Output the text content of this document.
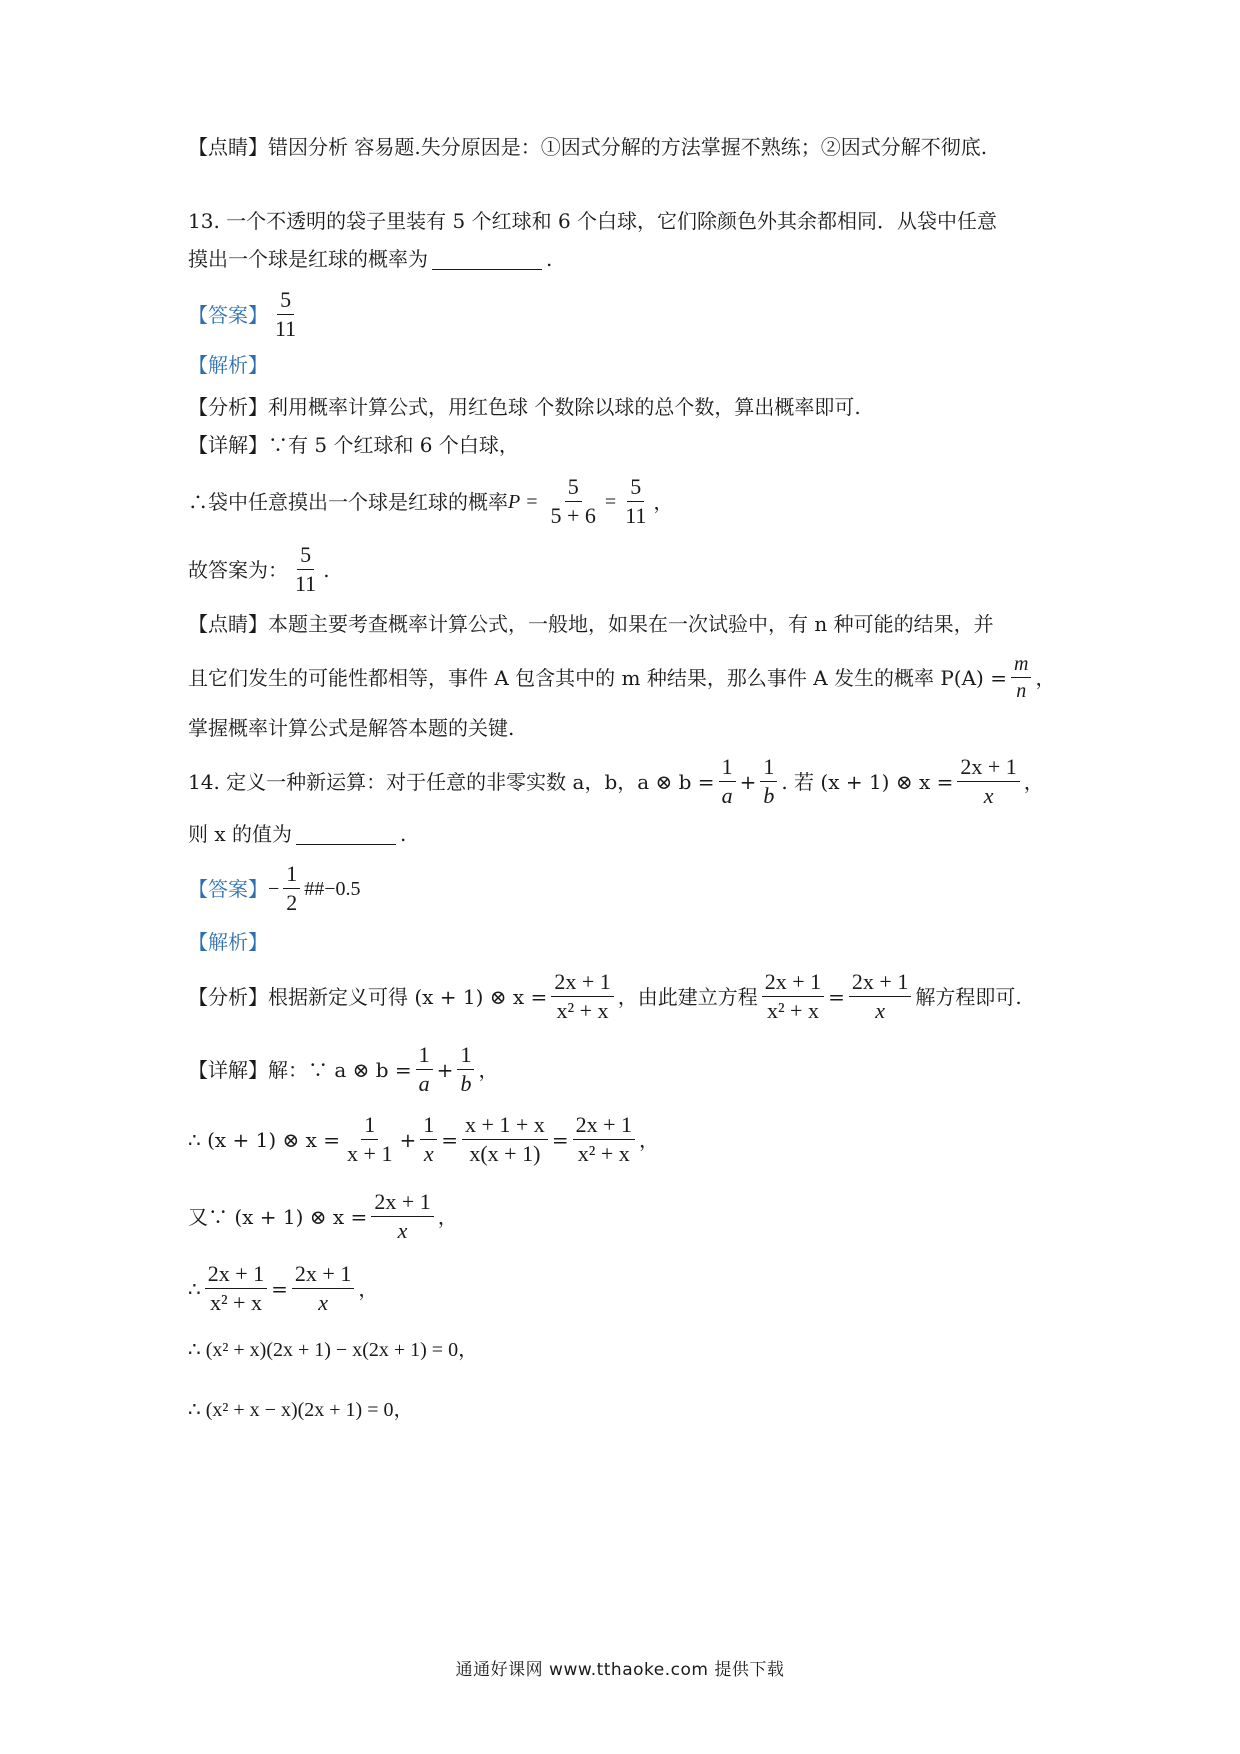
【点睛】 错因分析 容易题.失分原因是：①因式分解的方法掌握不熟练；②因式分解不彻底.
13. 一个不透明的袋子里装有 5 个红球和 6 个白球，它们除颜色外其余都相同．从袋中任意
摸出一个球是红球的概率为	.
【答案】 $\frac{5}{11}$
【解析】
【分析】 利用概率计算公式，用红色球 个数除以球的总个数，算出概率即可.
【详解】 ∵有 5 个红球和 6 个白球，
∴袋中任意摸出一个球是红球的概率 $P = \frac{5}{5 + 6} = \frac{5}{11}$ ，
故答案为： $\frac{5}{11}$ .
【点睛】 本题主要考查概率计算公式，一般地，如果在一次试验中，有 n 种可能的结果，并
且它们发生的可能性都相等，事件 A 包含其中的 m 种结果，那么事件 A 发生的概率 $P(A) = \frac{m}{n}$ ，
掌握概率计算公式是解答本题的关键.
14. 定义一种新运算：对于任意的非零实数 a，b，a ⊗ $b = \frac{1}{a} + \frac{1}{b}$ . 若 (x + 1) ⊗ $x = \frac{2x + 1}{x}$ ，
则 x 的值为	.
【答案】 − $\frac{1}{2}$ ##−0.5
【解析】
【分析】 根据新定义可得 (x + 1) ⊗ $x = \frac{2x + 1}{\text{x² + x}}$ ，由此建立方程 $\frac{2x + 1}{\text{x² + x}} = \frac{2x + 1}{x}$ 解方程即可.
【详解】 解：∵ a ⊗ $b = \frac{1}{a} + \frac{1}{b}$ ，
∴ (x + 1) ⊗ $x = \frac{1}{x + 1} + \frac{1}{x} = \frac{x + 1 + x}{x(x + 1)} = \frac{2x + 1}{\text{x² + x}}$ ，
又∵ (x + 1) ⊗ $x = \frac{2x + 1}{x}$ ，
∴ $\frac{2x + 1}{\text{x² + x}} = \frac{2x + 1}{x}$ ，
∴ (x² + x)(2x + 1) − x(2x + 1) = 0，
∴ (x² + x − x)(2x + 1) = 0，
通通好课网 www.tthaoke.com 提供下载
